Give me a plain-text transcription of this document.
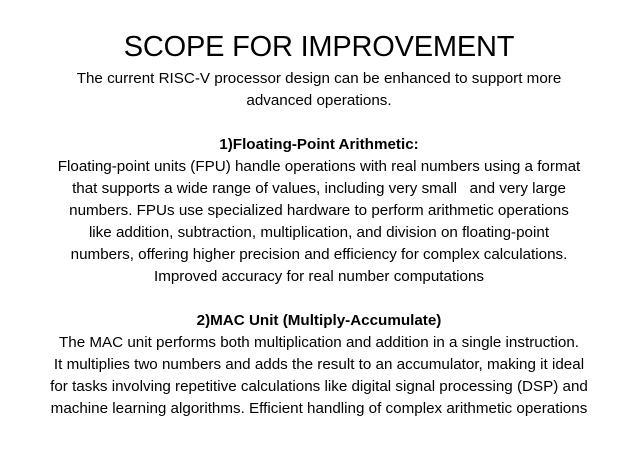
SCOPE FOR IMPROVEMENT
The current RISC-V processor design can be enhanced to support more
advanced operations.
1)Floating-Point Arithmetic:
Floating-point units (FPU) handle operations with real numbers using a format
that supports a wide range of values, including very small   and very large
numbers. FPUs use specialized hardware to perform arithmetic operations
like addition, subtraction, multiplication, and division on floating-point
numbers, offering higher precision and efficiency for complex calculations.
Improved accuracy for real number computations
2)MAC Unit (Multiply-Accumulate)
The MAC unit performs both multiplication and addition in a single instruction.
It multiplies two numbers and adds the result to an accumulator, making it ideal
for tasks involving repetitive calculations like digital signal processing (DSP) and
machine learning algorithms. Efficient handling of complex arithmetic operations
